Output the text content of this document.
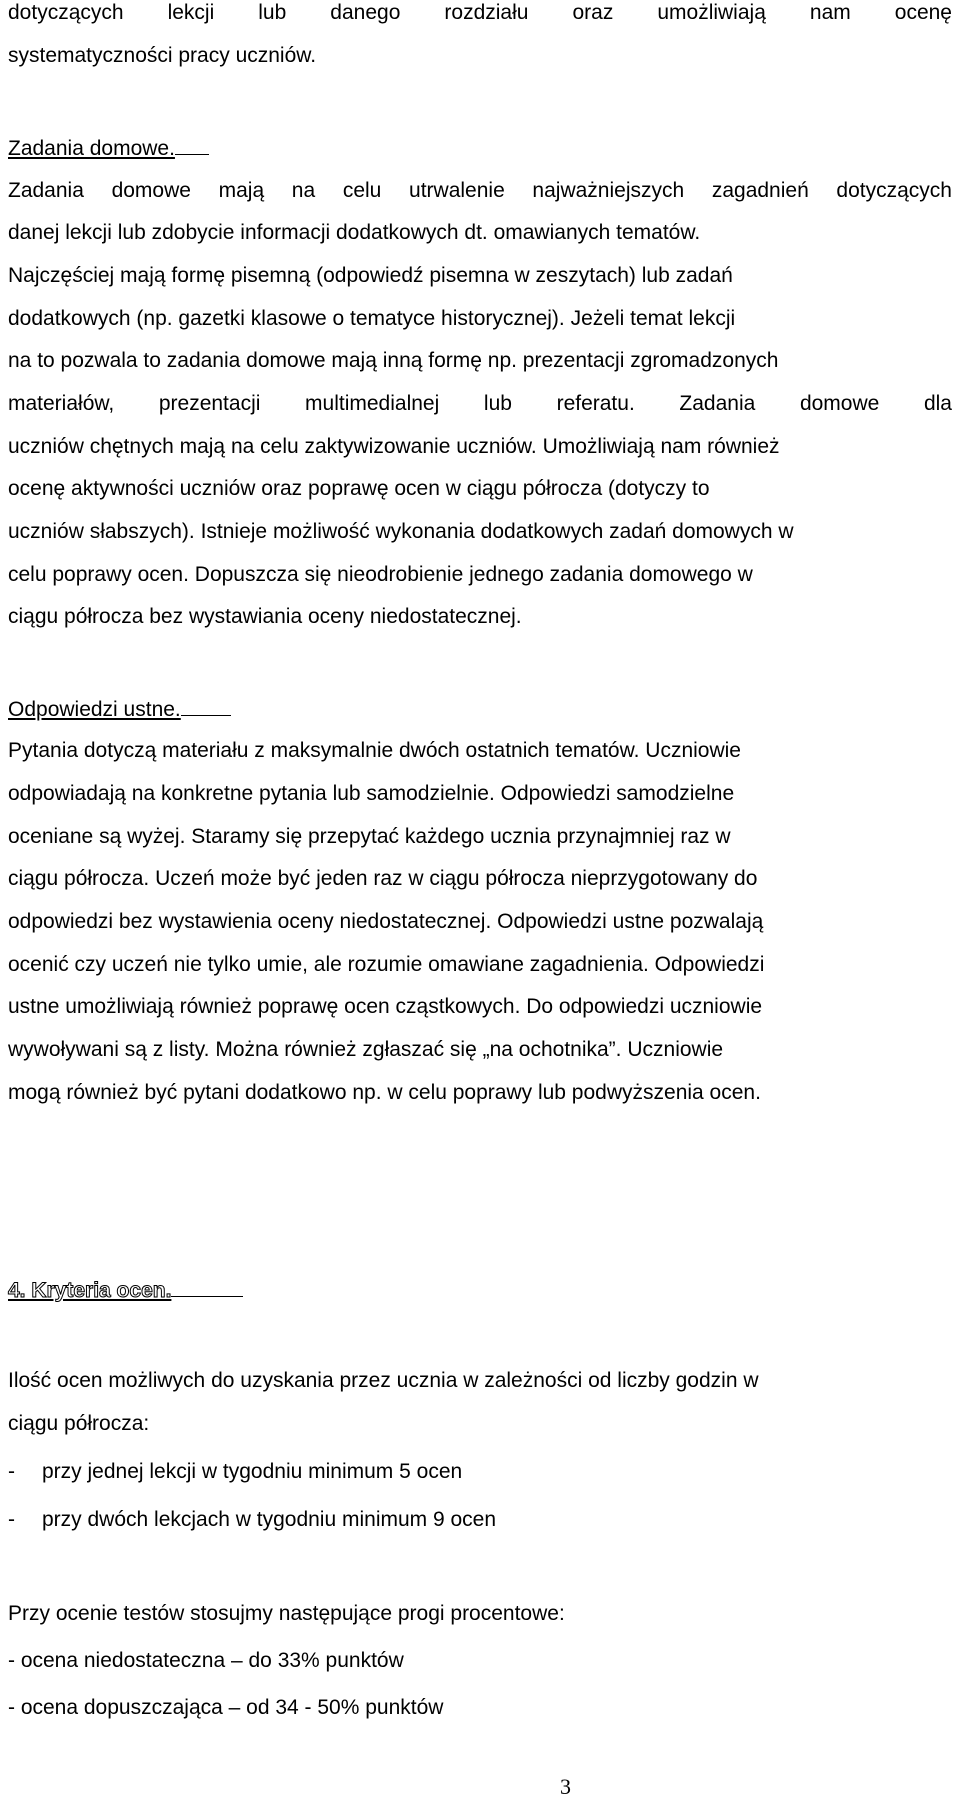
dotyczących lekcji lub danego rozdziału oraz umożliwiają nam ocenę
systematyczności pracy uczniów.
Zadania domowe.
Zadania domowe mają na celu utrwalenie najważniejszych zagadnień dotyczących
danej lekcji lub zdobycie informacji dodatkowych dt. omawianych tematów.
Najczęściej mają formę pisemną (odpowiedź pisemna w zeszytach) lub zadań
dodatkowych (np. gazetki klasowe o tematyce historycznej). Jeżeli temat lekcji
na to pozwala to zadania domowe mają inną formę np. prezentacji zgromadzonych
materiałów, prezentacji multimedialnej lub referatu. Zadania domowe dla
uczniów chętnych mają na celu zaktywizowanie uczniów. Umożliwiają nam również
ocenę aktywności uczniów oraz poprawę ocen w ciągu półrocza (dotyczy to
uczniów słabszych). Istnieje możliwość wykonania dodatkowych zadań domowych w
celu poprawy ocen. Dopuszcza się nieodrobienie jednego zadania domowego w
ciągu półrocza bez wystawiania oceny niedostatecznej.
Odpowiedzi ustne.
Pytania dotyczą materiału z maksymalnie dwóch ostatnich tematów. Uczniowie
odpowiadają na konkretne pytania lub samodzielnie. Odpowiedzi samodzielne
oceniane są wyżej. Staramy się przepytać każdego ucznia przynajmniej raz w
ciągu półrocza. Uczeń może być jeden raz w ciągu półrocza nieprzygotowany do
odpowiedzi bez wystawienia oceny niedostatecznej. Odpowiedzi ustne pozwalają
ocenić czy uczeń nie tylko umie, ale rozumie omawiane zagadnienia. Odpowiedzi
ustne umożliwiają również poprawę ocen cząstkowych. Do odpowiedzi uczniowie
wywoływani są z listy. Można również zgłaszać się „na ochotnika”. Uczniowie
mogą również być pytani dodatkowo np. w celu poprawy lub podwyższenia ocen.
4. Kryteria ocen.
Ilość ocen możliwych do uzyskania przez ucznia w zależności od liczby godzin w
ciągu półrocza:
- przy jednej lekcji w tygodniu minimum 5 ocen
- przy dwóch lekcjach w tygodniu minimum 9 ocen
Przy ocenie testów stosujmy następujące progi procentowe:
- ocena niedostateczna – do 33% punktów
- ocena dopuszczająca – od 34 - 50% punktów
3
